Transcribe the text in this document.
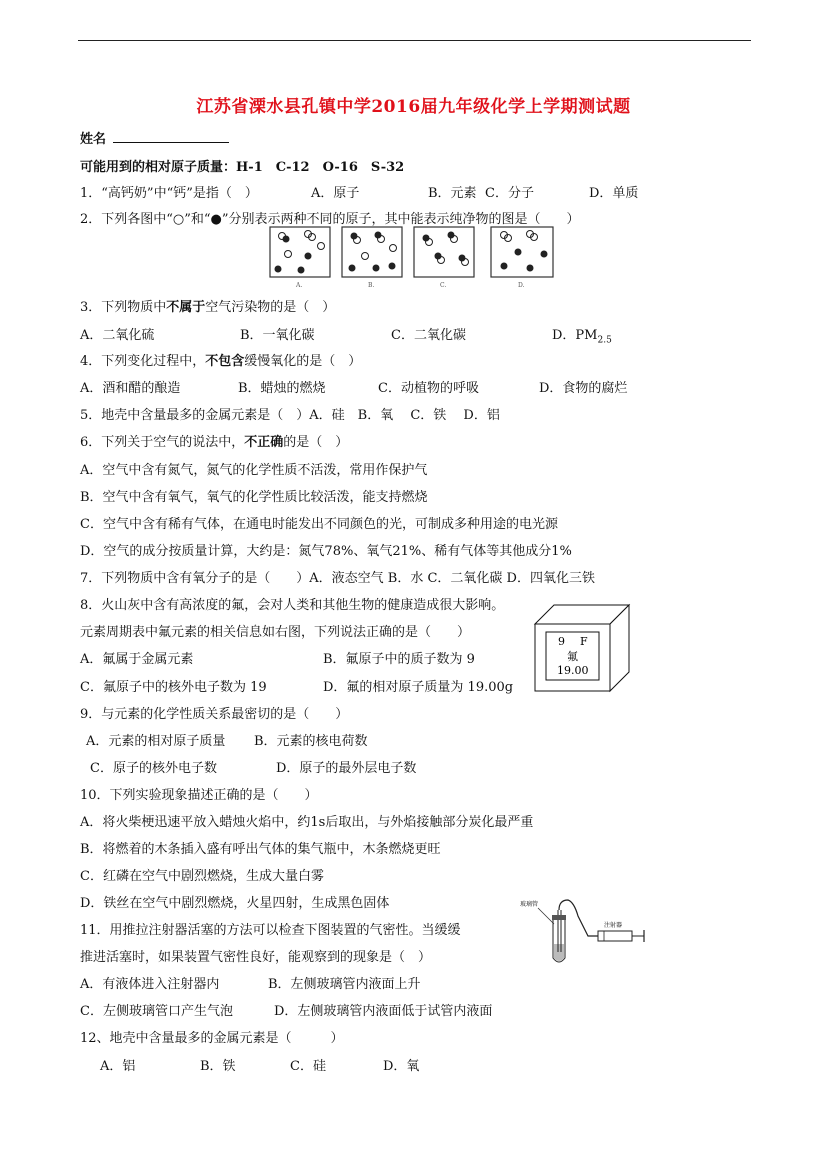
江苏省溧水县孔镇中学2016届九年级化学上学期测试题
姓名
可能用到的相对原子质量：H-1　C-12　O-16　S-32
1．“高钙奶”中“钙”是指（　）	A．原子	B．元素 C．分子	D．单质
2．下列各图中“○”和“●”分别表示两种不同的原子，其中能表示纯净物的图是（　　）
A.	B.	C.	D.
3．下列物质中不属于空气污染物的是（　）
A．二氧化硫	B．一氧化碳	C．二氧化碳	D．$PM_{2.5}$
4．下列变化过程中，不包含缓慢氧化的是（　）
A．酒和醋的酿造	B．蜡烛的燃烧	C．动植物的呼吸	D．食物的腐烂
5．地壳中含量最多的金属元素是（　）A．硅　B．氧　 C．铁　 D．铝
6．下列关于空气的说法中，不正确的是（　）
A．空气中含有氮气，氮气的化学性质不活泼，常用作保护气
B．空气中含有氧气，氧气的化学性质比较活泼，能支持燃烧
C．空气中含有稀有气体，在通电时能发出不同颜色的光，可制成多种用途的电光源
D．空气的成分按质量计算，大约是：氮气78%、氧气21%、稀有气体等其他成分1%
7．下列物质中含有氧分子的是（　　）A．液态空气 B．水 C．二氧化碳 D．四氧化三铁
8．火山灰中含有高浓度的氟，会对人类和其他生物的健康造成很大影响。
元素周期表中氟元素的相关信息如右图，下列说法正确的是（　　）
A．氟属于金属元素	B．氟原子中的质子数为 9
C．氟原子中的核外电子数为 19	D．氟的相对原子质量为 19.00g
9 F
氟
19.00
9．与元素的化学性质关系最密切的是（　　）
A．元素的相对原子质量 B．元素的核电荷数
C．原子的核外电子数	D．原子的最外层电子数
10．下列实验现象描述正确的是（　　）
A．将火柴梗迅速平放入蜡烛火焰中，约1s后取出，与外焰接触部分炭化最严重
B．将燃着的木条插入盛有呼出气体的集气瓶中，木条燃烧更旺
C．红磷在空气中剧烈燃烧，生成大量白雾
D．铁丝在空气中剧烈燃烧，火星四射，生成黑色固体
11．用推拉注射器活塞的方法可以检查下图装置的气密性。当缓缓
推进活塞时，如果装置气密性良好，能观察到的现象是（　）
A．有液体进入注射器内	B．左侧玻璃管内液面上升
C．左侧玻璃管口产生气泡	D．左侧玻璃管内液面低于试管内液面
玻璃管
注射器
12、地壳中含量最多的金属元素是（　　　）
A．铝	B．铁	C．硅	D．氧
